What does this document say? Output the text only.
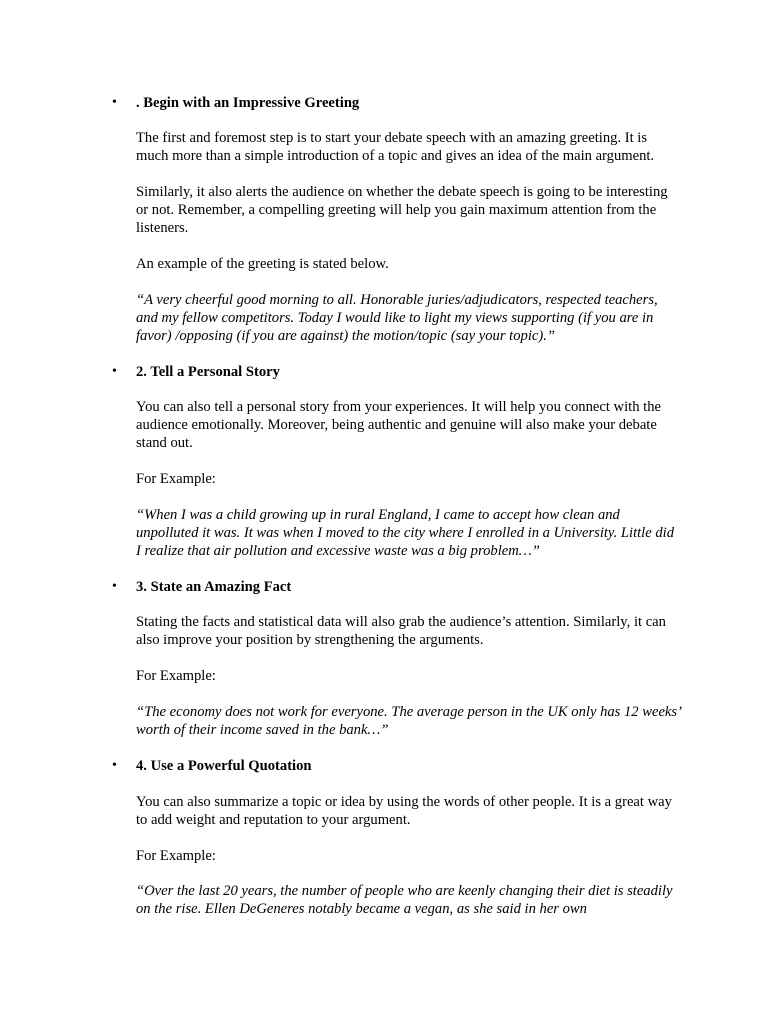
• . Begin with an Impressive Greeting
The first and foremost step is to start your debate speech with an amazing greeting. It is much more than a simple introduction of a topic and gives an idea of the main argument.
Similarly, it also alerts the audience on whether the debate speech is going to be interesting or not. Remember, a compelling greeting will help you gain maximum attention from the listeners.
An example of the greeting is stated below.
“A very cheerful good morning to all. Honorable juries/adjudicators, respected teachers, and my fellow competitors. Today I would like to light my views supporting (if you are in favor) /opposing (if you are against) the motion/topic (say your topic).”
• 2. Tell a Personal Story
You can also tell a personal story from your experiences. It will help you connect with the audience emotionally. Moreover, being authentic and genuine will also make your debate stand out.
For Example:
“When I was a child growing up in rural England, I came to accept how clean and unpolluted it was. It was when I moved to the city where I enrolled in a University. Little did I realize that air pollution and excessive waste was a big problem…”
• 3. State an Amazing Fact
Stating the facts and statistical data will also grab the audience’s attention. Similarly, it can also improve your position by strengthening the arguments.
For Example:
“The economy does not work for everyone. The average person in the UK only has 12 weeks’ worth of their income saved in the bank…”
• 4. Use a Powerful Quotation
You can also summarize a topic or idea by using the words of other people. It is a great way to add weight and reputation to your argument.
For Example:
“Over the last 20 years, the number of people who are keenly changing their diet is steadily on the rise. Ellen DeGeneres notably became a vegan, as she said in her own
